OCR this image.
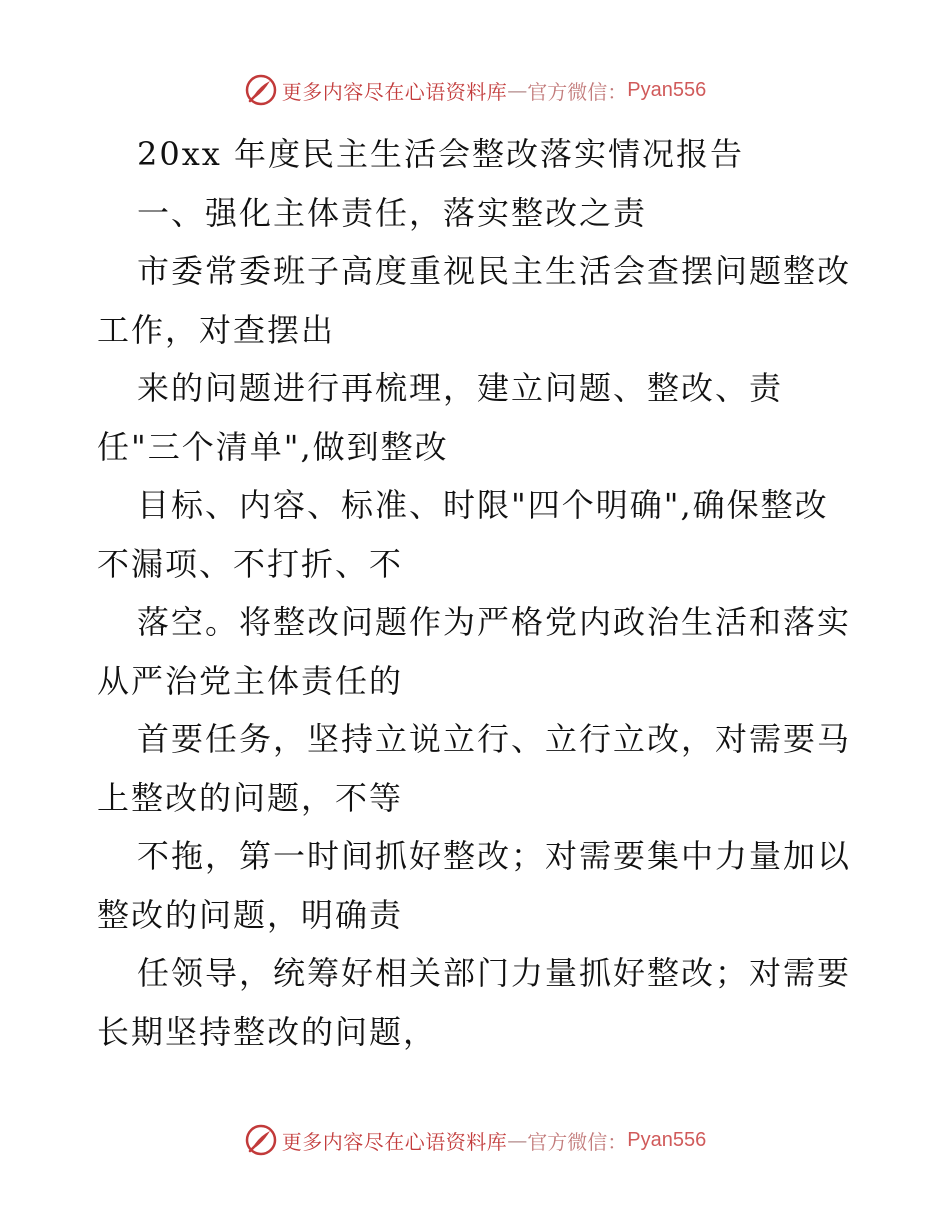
更多内容尽在心语资料库 — 官方微信： Pyan556
20xx 年度民主生活会整改落实情况报告
一、强化主体责任，落实整改之责
市委常委班子高度重视民主生活会查摆问题整改
工作，对查摆出
来的问题进行再梳理，建立问题、整改、责
任"三个清单",做到整改
目标、内容、标准、时限"四个明确",确保整改
不漏项、不打折、不
落空。将整改问题作为严格党内政治生活和落实
从严治党主体责任的
首要任务，坚持立说立行、立行立改，对需要马
上整改的问题，不等
不拖，第一时间抓好整改；对需要集中力量加以
整改的问题，明确责
任领导，统筹好相关部门力量抓好整改；对需要
长期坚持整改的问题，
更多内容尽在心语资料库 — 官方微信： Pyan556
